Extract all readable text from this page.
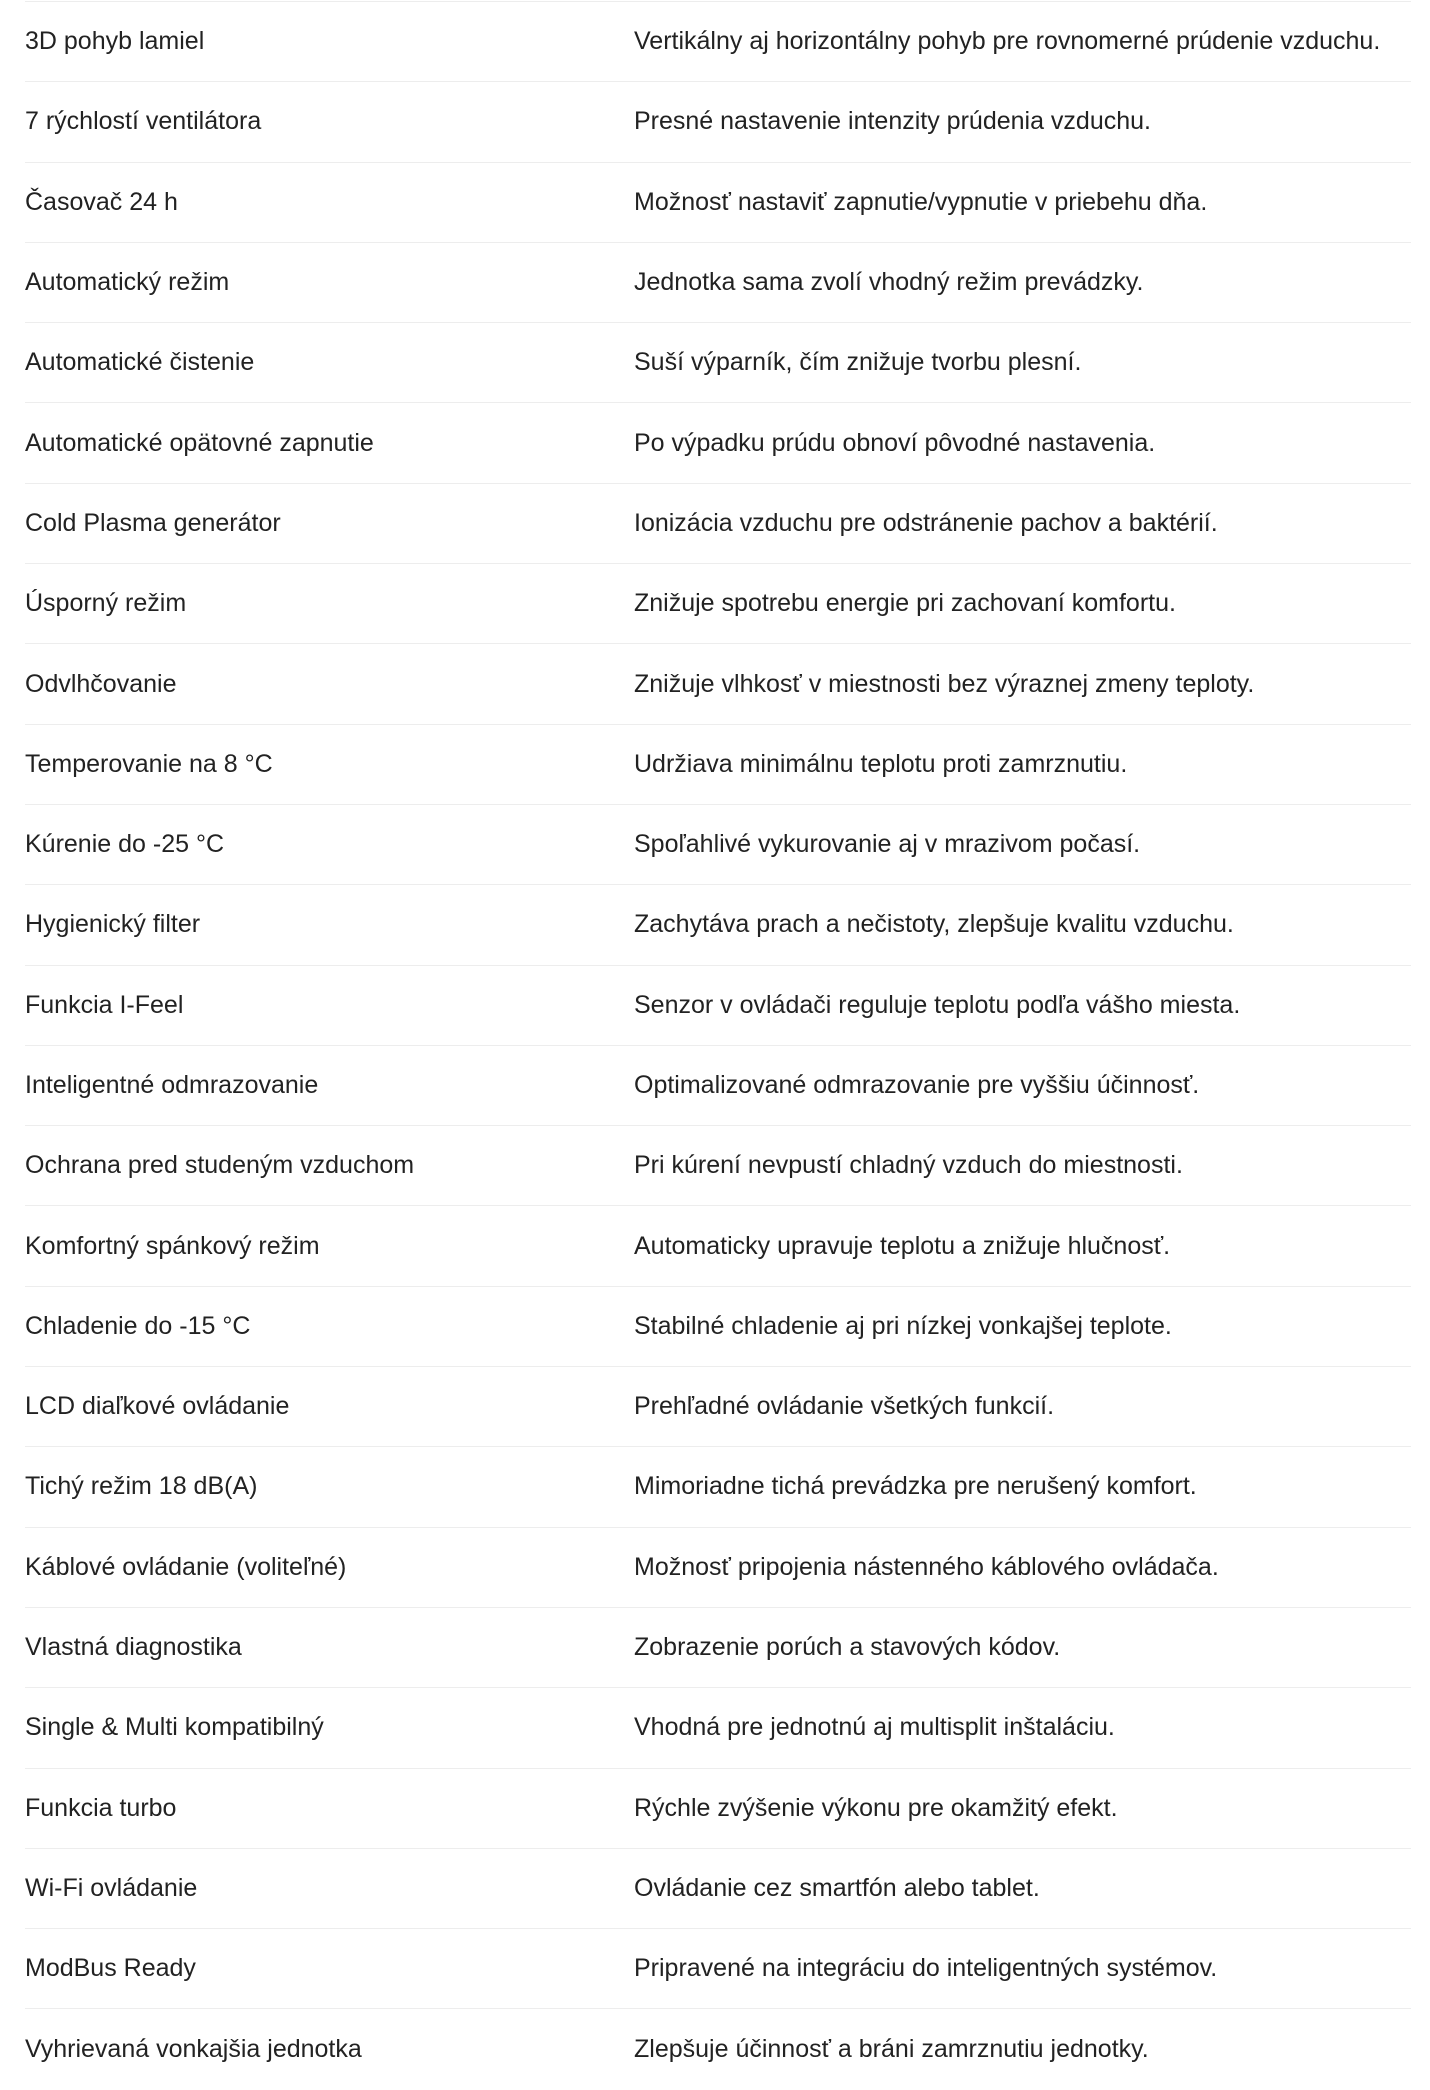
3D pohyb lamiel	Vertikálny aj horizontálny pohyb pre rovnomerné prúdenie vzduchu.
7 rýchlostí ventilátora	Presné nastavenie intenzity prúdenia vzduchu.
Časovač 24 h	Možnosť nastaviť zapnutie/vypnutie v priebehu dňa.
Automatický režim	Jednotka sama zvolí vhodný režim prevádzky.
Automatické čistenie	Suší výparník, čím znižuje tvorbu plesní.
Automatické opätovné zapnutie	Po výpadku prúdu obnoví pôvodné nastavenia.
Cold Plasma generátor	Ionizácia vzduchu pre odstránenie pachov a baktérií.
Úsporný režim	Znižuje spotrebu energie pri zachovaní komfortu.
Odvlhčovanie	Znižuje vlhkosť v miestnosti bez výraznej zmeny teploty.
Temperovanie na 8 °C	Udržiava minimálnu teplotu proti zamrznutiu.
Kúrenie do -25 °C	Spoľahlivé vykurovanie aj v mrazivom počasí.
Hygienický filter	Zachytáva prach a nečistoty, zlepšuje kvalitu vzduchu.
Funkcia I-Feel	Senzor v ovládači reguluje teplotu podľa vášho miesta.
Inteligentné odmrazovanie	Optimalizované odmrazovanie pre vyššiu účinnosť.
Ochrana pred studeným vzduchom	Pri kúrení nevpustí chladný vzduch do miestnosti.
Komfortný spánkový režim	Automaticky upravuje teplotu a znižuje hlučnosť.
Chladenie do -15 °C	Stabilné chladenie aj pri nízkej vonkajšej teplote.
LCD diaľkové ovládanie	Prehľadné ovládanie všetkých funkcií.
Tichý režim 18 dB(A)	Mimoriadne tichá prevádzka pre nerušený komfort.
Káblové ovládanie (voliteľné)	Možnosť pripojenia nástenného káblového ovládača.
Vlastná diagnostika	Zobrazenie porúch a stavových kódov.
Single & Multi kompatibilný	Vhodná pre jednotnú aj multisplit inštaláciu.
Funkcia turbo	Rýchle zvýšenie výkonu pre okamžitý efekt.
Wi-Fi ovládanie	Ovládanie cez smartfón alebo tablet.
ModBus Ready	Pripravené na integráciu do inteligentných systémov.
Vyhrievaná vonkajšia jednotka	Zlepšuje účinnosť a bráni zamrznutiu jednotky.
